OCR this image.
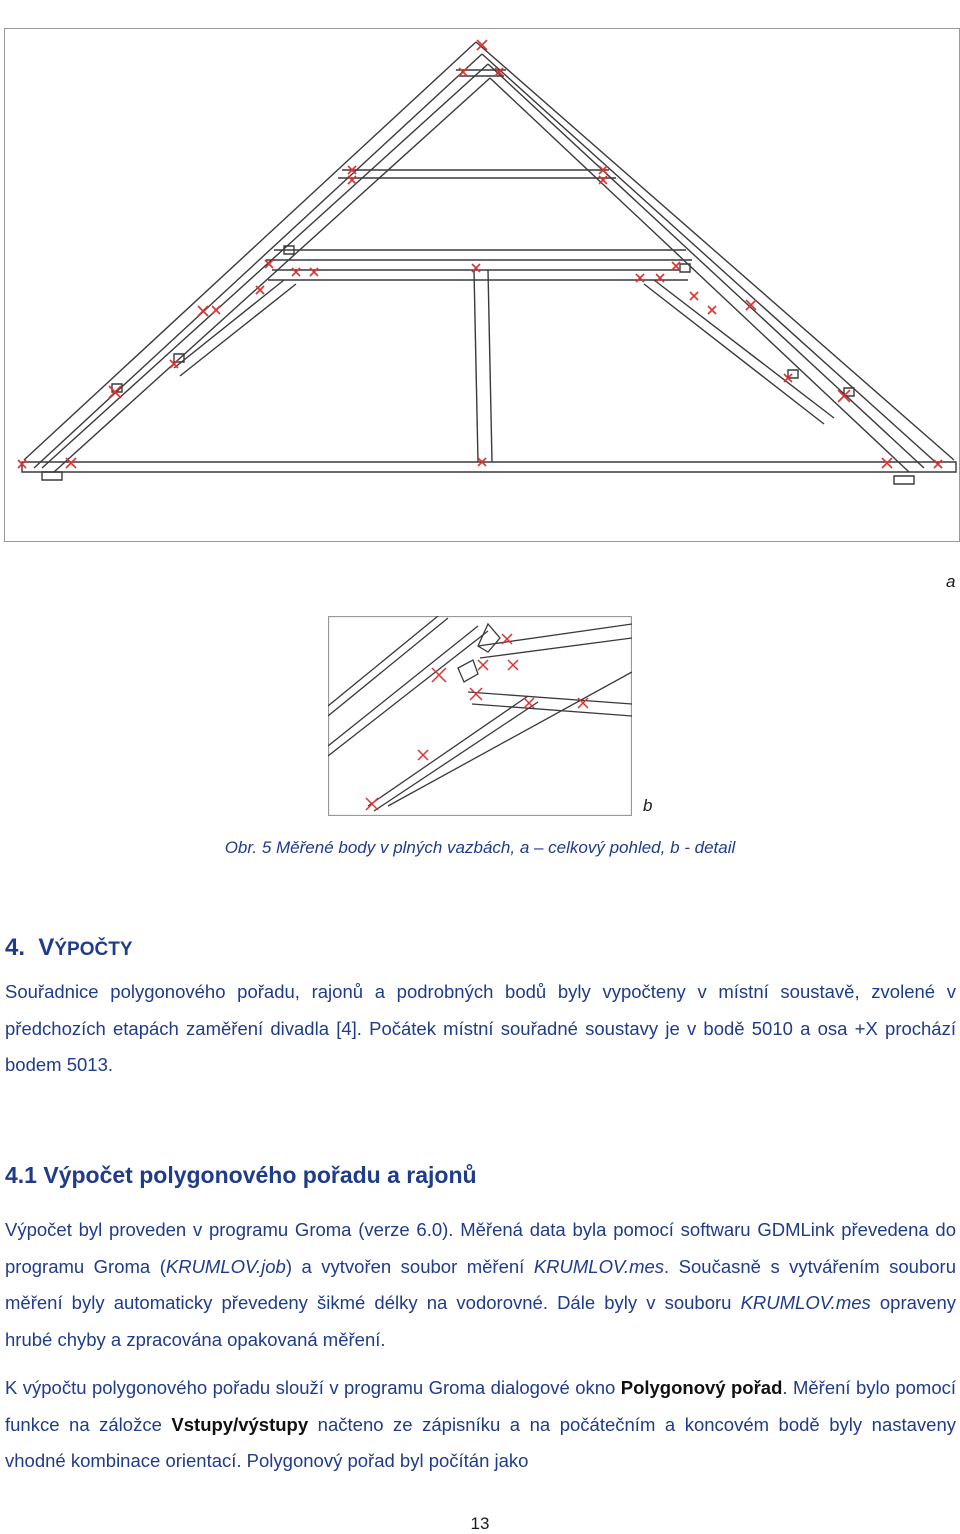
a
b
Obr. 5 Měřené body v plných vazbách, a – celkový pohled, b - detail
4. VÝPOČTY

Souřadnice polygonového pořadu, rajonů a podrobných bodů byly vypočteny v místní soustavě, zvolené v předchozích etapách zaměření divadla [4]. Počátek místní souřadné soustavy je v bodě 5010 a osa +X prochází bodem 5013.

4.1 Výpočet polygonového pořadu a rajonů

Výpočet byl proveden v programu Groma (verze 6.0). Měřená data byla pomocí softwaru GDMLink převedena do programu Groma (KRUMLOV.job) a vytvořen soubor měření KRUMLOV.mes. Současně s vytvářením souboru měření byly automaticky převedeny šikmé délky na vodorovné. Dále byly v souboru KRUMLOV.mes opraveny hrubé chyby a zpracována opakovaná měření.

K výpočtu polygonového pořadu slouží v programu Groma dialogové okno Polygonový pořad. Měření bylo pomocí funkce na záložce Vstupy/výstupy načteno ze zápisníku a na počátečním a koncovém bodě byly nastaveny vhodné kombinace orientací. Polygonový pořad byl počítán jako

13
